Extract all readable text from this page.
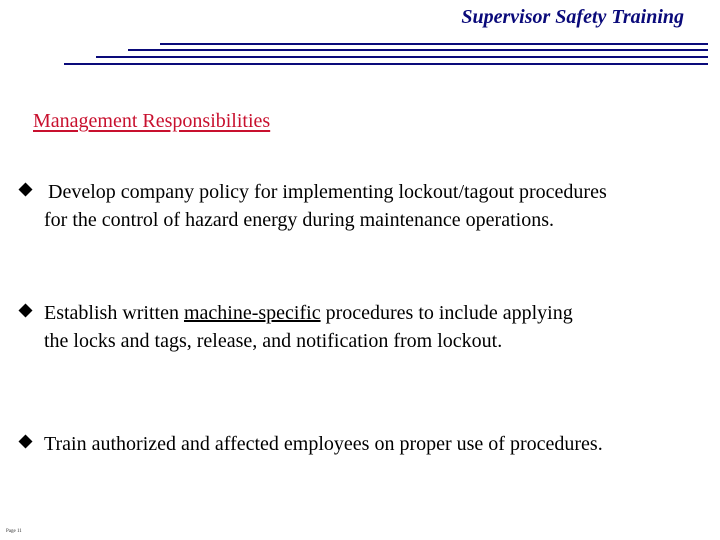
Supervisor Safety Training
Management Responsibilities
Develop company policy for implementing lockout/tagout procedures
for the control of hazard energy during maintenance operations.
Establish written machine-specific procedures to include applying
the locks and tags, release, and notification from lockout.
Train authorized and affected employees on proper use of procedures.
Page 11
